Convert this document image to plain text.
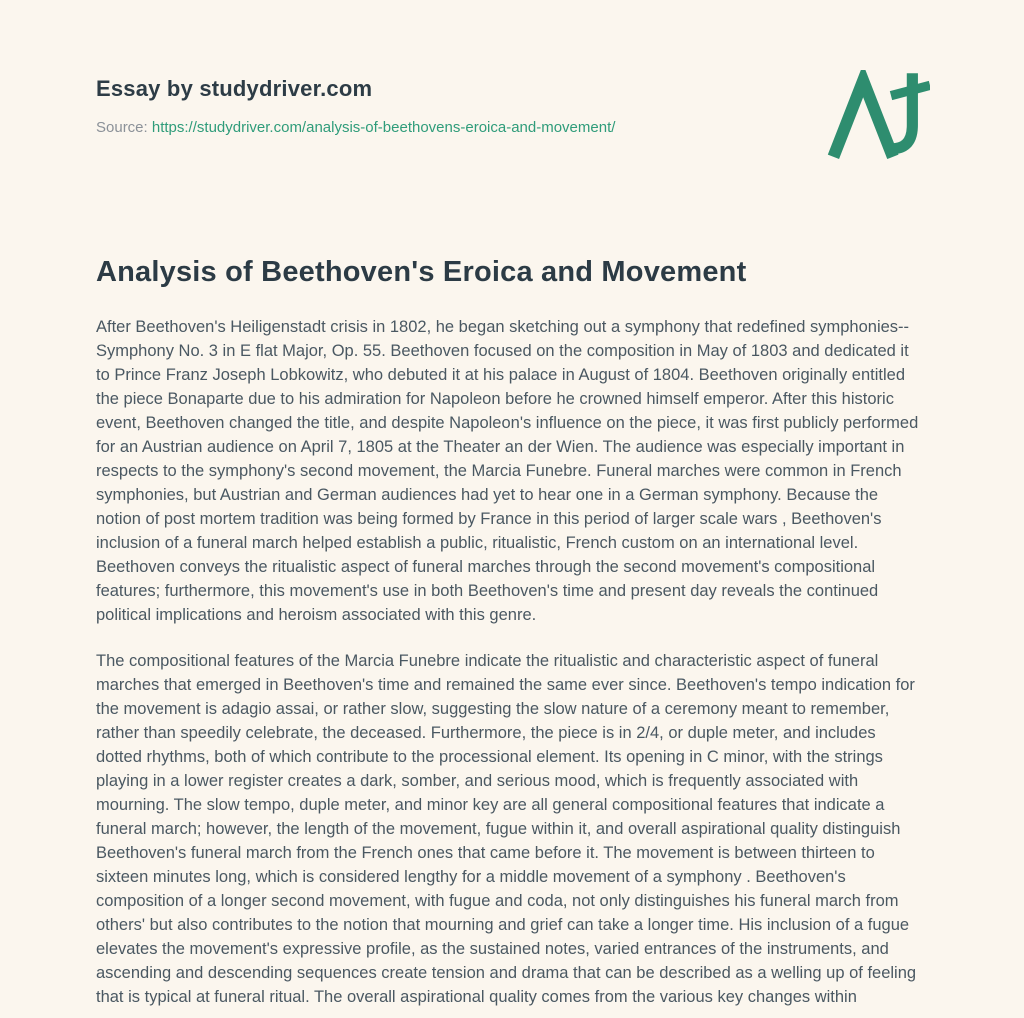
Essay by studydriver.com
Source: https://studydriver.com/analysis-of-beethovens-eroica-and-movement/
Analysis of Beethoven's Eroica and Movement

After Beethoven's Heiligenstadt crisis in 1802, he began sketching out a symphony that redefined symphonies--Symphony No. 3 in E flat Major, Op. 55. Beethoven focused on the composition in May of 1803 and dedicated it to Prince Franz Joseph Lobkowitz, who debuted it at his palace in August of 1804. Beethoven originally entitled the piece Bonaparte due to his admiration for Napoleon before he crowned himself emperor. After this historic event, Beethoven changed the title, and despite Napoleon's influence on the piece, it was first publicly performed for an Austrian audience on April 7, 1805 at the Theater an der Wien. The audience was especially important in respects to the symphony's second movement, the Marcia Funebre. Funeral marches were common in French symphonies, but Austrian and German audiences had yet to hear one in a German symphony. Because the notion of post mortem tradition was being formed by France in this period of larger scale wars , Beethoven's inclusion of a funeral march helped establish a public, ritualistic, French custom on an international level. Beethoven conveys the ritualistic aspect of funeral marches through the second movement's compositional features; furthermore, this movement's use in both Beethoven's time and present day reveals the continued political implications and heroism associated with this genre.

The compositional features of the Marcia Funebre indicate the ritualistic and characteristic aspect of funeral marches that emerged in Beethoven's time and remained the same ever since. Beethoven's tempo indication for the movement is adagio assai, or rather slow, suggesting the slow nature of a ceremony meant to remember, rather than speedily celebrate, the deceased. Furthermore, the piece is in 2/4, or duple meter, and includes dotted rhythms, both of which contribute to the processional element. Its opening in C minor, with the strings playing in a lower register creates a dark, somber, and serious mood, which is frequently associated with mourning. The slow tempo, duple meter, and minor key are all general compositional features that indicate a funeral march; however, the length of the movement, fugue within it, and overall aspirational quality distinguish Beethoven's funeral march from the French ones that came before it. The movement is between thirteen to sixteen minutes long, which is considered lengthy for a middle movement of a symphony . Beethoven's composition of a longer second movement, with fugue and coda, not only distinguishes his funeral march from others' but also contributes to the notion that mourning and grief can take a longer time. His inclusion of a fugue elevates the movement's expressive profile, as the sustained notes, varied entrances of the instruments, and ascending and descending sequences create tension and drama that can be described as a welling up of feeling that is typical at funeral ritual. The overall aspirational quality comes from the various key changes within
